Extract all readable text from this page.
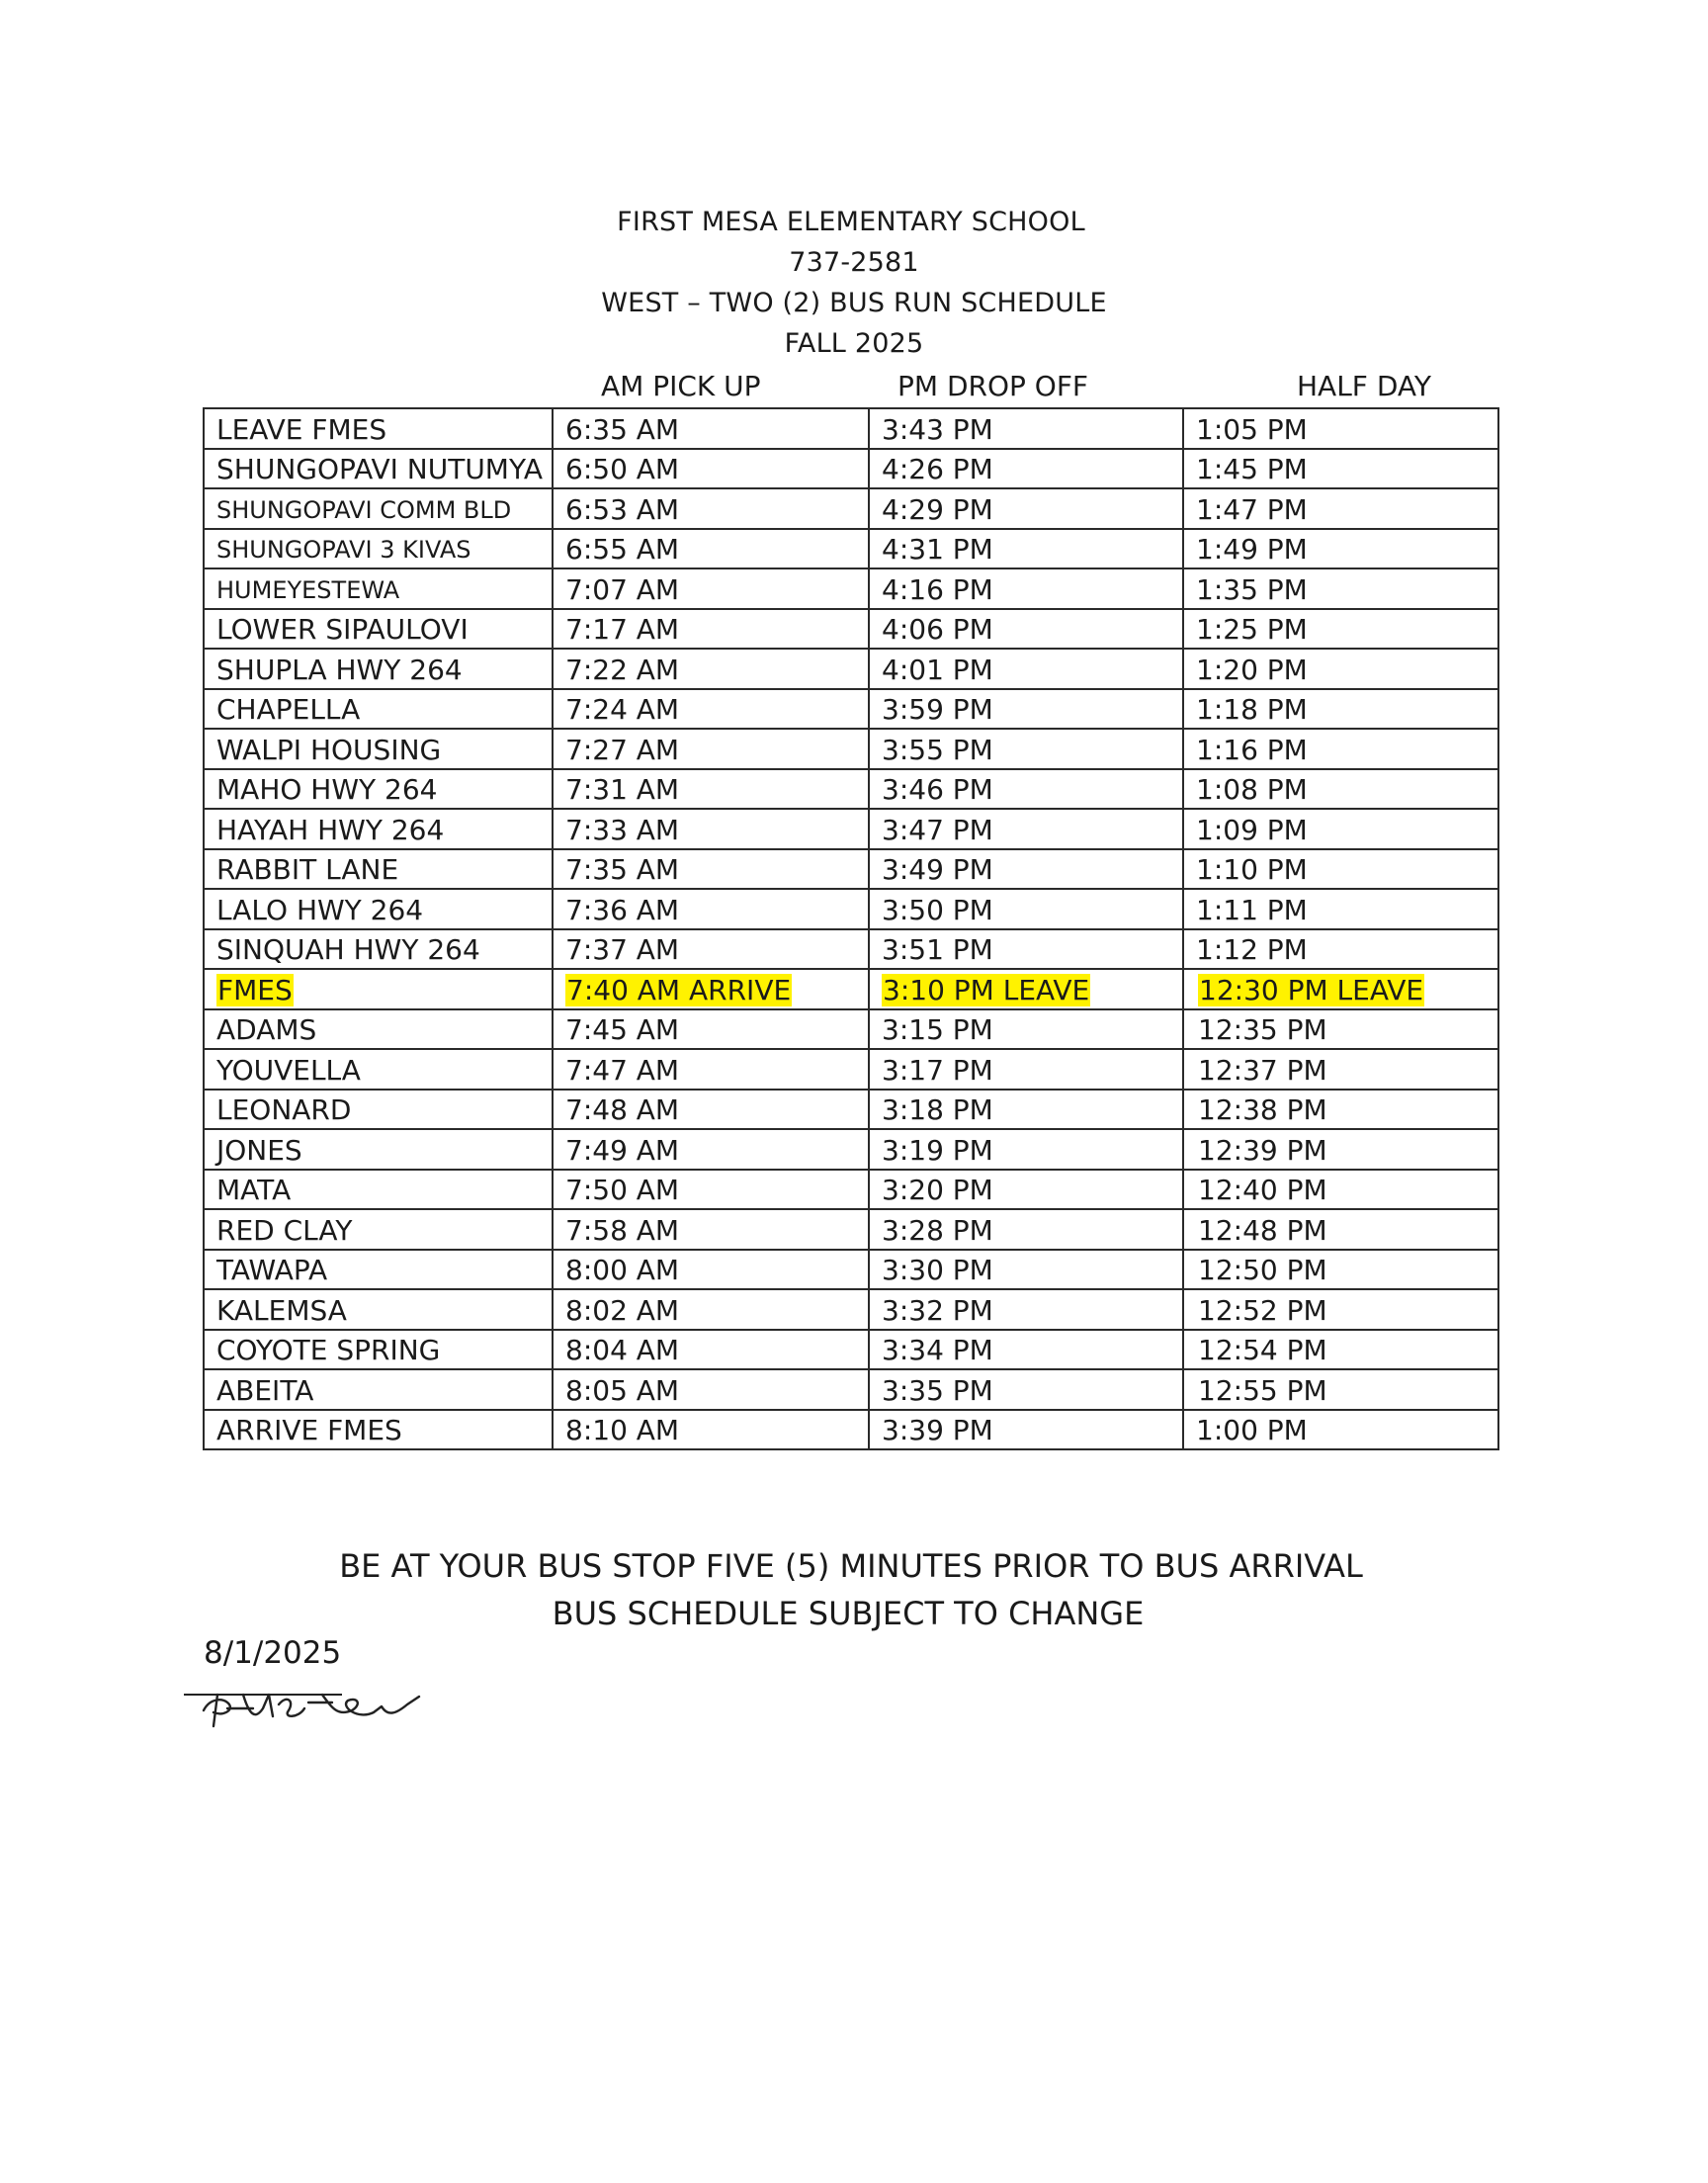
FIRST MESA ELEMENTARY SCHOOL
737-2581
WEST – TWO (2) BUS RUN SCHEDULE
FALL 2025
AM PICK UP	PM DROP OFF	HALF DAY
LEAVE FMES	6:35 AM	3:43 PM	1:05 PM
SHUNGOPAVI NUTUMYA	6:50 AM	4:26 PM	1:45 PM
SHUNGOPAVI COMM BLD	6:53 AM	4:29 PM	1:47 PM
SHUNGOPAVI 3 KIVAS	6:55 AM	4:31 PM	1:49 PM
HUMEYESTEWA	7:07 AM	4:16 PM	1:35 PM
LOWER SIPAULOVI	7:17 AM	4:06 PM	1:25 PM
SHUPLA HWY 264	7:22 AM	4:01 PM	1:20 PM
CHAPELLA	7:24 AM	3:59 PM	1:18 PM
WALPI HOUSING	7:27 AM	3:55 PM	1:16 PM
MAHO HWY 264	7:31 AM	3:46 PM	1:08 PM
HAYAH HWY 264	7:33 AM	3:47 PM	1:09 PM
RABBIT LANE	7:35 AM	3:49 PM	1:10 PM
LALO HWY 264	7:36 AM	3:50 PM	1:11 PM
SINQUAH HWY 264	7:37 AM	3:51 PM	1:12 PM
FMES	7:40 AM ARRIVE	3:10 PM LEAVE	12:30 PM LEAVE
ADAMS	7:45 AM	3:15 PM	12:35 PM
YOUVELLA	7:47 AM	3:17 PM	12:37 PM
LEONARD	7:48 AM	3:18 PM	12:38 PM
JONES	7:49 AM	3:19 PM	12:39 PM
MATA	7:50 AM	3:20 PM	12:40 PM
RED CLAY	7:58 AM	3:28 PM	12:48 PM
TAWAPA	8:00 AM	3:30 PM	12:50 PM
KALEMSA	8:02 AM	3:32 PM	12:52 PM
COYOTE SPRING	8:04 AM	3:34 PM	12:54 PM
ABEITA	8:05 AM	3:35 PM	12:55 PM
ARRIVE FMES	8:10 AM	3:39 PM	1:00 PM
BE AT YOUR BUS STOP FIVE (5) MINUTES PRIOR TO BUS ARRIVAL
BUS SCHEDULE SUBJECT TO CHANGE
8/1/2025
